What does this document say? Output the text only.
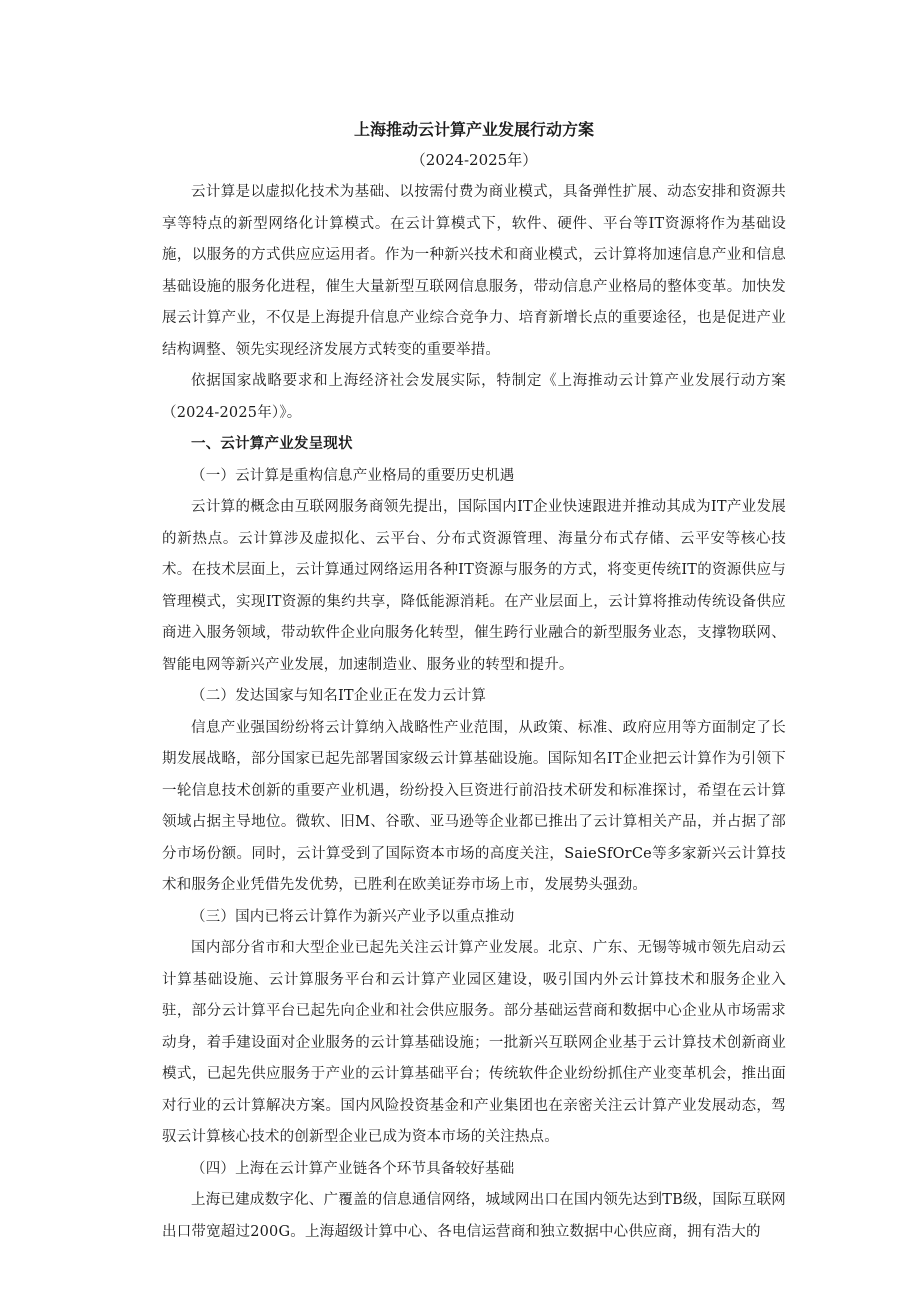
上海推动云计算产业发展行动方案
（2024-2025年）

云计算是以虚拟化技术为基础、以按需付费为商业模式，具备弹性扩展、动态安排和资源共享等特点的新型网络化计算模式。在云计算模式下，软件、硬件、平台等IT资源将作为基础设施，以服务的方式供应应运用者。作为一种新兴技术和商业模式，云计算将加速信息产业和信息基础设施的服务化进程，催生大量新型互联网信息服务，带动信息产业格局的整体变革。加快发展云计算产业，不仅是上海提升信息产业综合竞争力、培育新增长点的重要途径，也是促进产业结构调整、领先实现经济发展方式转变的重要举措。

依据国家战略要求和上海经济社会发展实际，特制定《上海推动云计算产业发展行动方案（2024-2025年）》。

一、云计算产业发呈现状

（一）云计算是重构信息产业格局的重要历史机遇

云计算的概念由互联网服务商领先提出，国际国内IT企业快速跟进并推动其成为IT产业发展的新热点。云计算涉及虚拟化、云平台、分布式资源管理、海量分布式存储、云平安等核心技术。在技术层面上，云计算通过网络运用各种IT资源与服务的方式，将变更传统IT的资源供应与管理模式，实现IT资源的集约共享，降低能源消耗。在产业层面上，云计算将推动传统设备供应商进入服务领域，带动软件企业向服务化转型，催生跨行业融合的新型服务业态，支撑物联网、智能电网等新兴产业发展，加速制造业、服务业的转型和提升。

（二）发达国家与知名IT企业正在发力云计算

信息产业强国纷纷将云计算纳入战略性产业范围，从政策、标准、政府应用等方面制定了长期发展战略，部分国家已起先部署国家级云计算基础设施。国际知名IT企业把云计算作为引领下一轮信息技术创新的重要产业机遇，纷纷投入巨资进行前沿技术研发和标准探讨，希望在云计算领域占据主导地位。微软、旧M、谷歌、亚马逊等企业都已推出了云计算相关产品，并占据了部分市场份额。同时，云计算受到了国际资本市场的高度关注，SaieSfOrCe等多家新兴云计算技术和服务企业凭借先发优势，已胜利在欧美证券市场上市，发展势头强劲。

（三）国内已将云计算作为新兴产业予以重点推动

国内部分省市和大型企业已起先关注云计算产业发展。北京、广东、无锡等城市领先启动云计算基础设施、云计算服务平台和云计算产业园区建设，吸引国内外云计算技术和服务企业入驻，部分云计算平台已起先向企业和社会供应服务。部分基础运营商和数据中心企业从市场需求动身，着手建设面对企业服务的云计算基础设施；一批新兴互联网企业基于云计算技术创新商业模式，已起先供应服务于产业的云计算基础平台；传统软件企业纷纷抓住产业变革机会，推出面对行业的云计算解决方案。国内风险投资基金和产业集团也在亲密关注云计算产业发展动态，驾驭云计算核心技术的创新型企业已成为资本市场的关注热点。

（四）上海在云计算产业链各个环节具备较好基础

上海已建成数字化、广覆盖的信息通信网络，城域网出口在国内领先达到TB级，国际互联网出口带宽超过200G。上海超级计算中心、各电信运营商和独立数据中心供应商，拥有浩大的
